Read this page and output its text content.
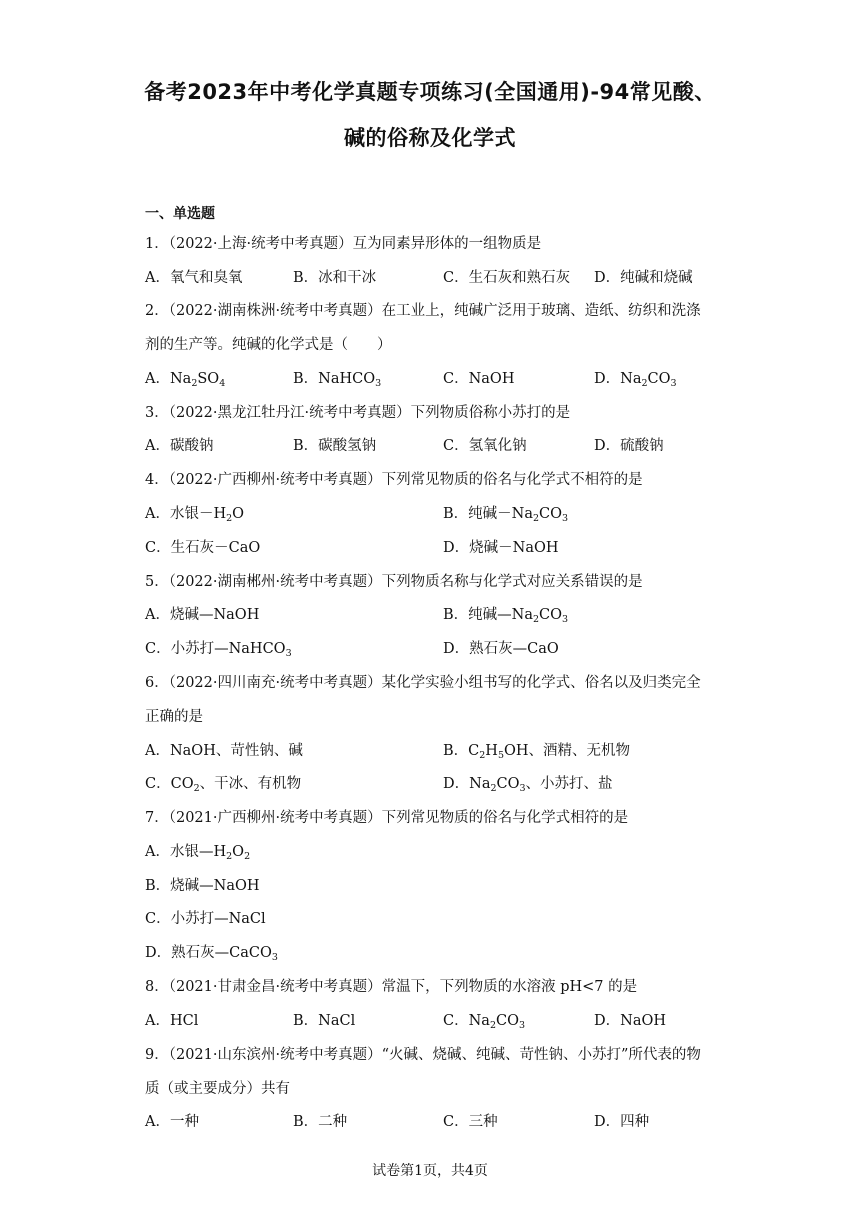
备考2023年中考化学真题专项练习(全国通用)-94常见酸、
碱的俗称及化学式
一、单选题
1．（2022·上海·统考中考真题）互为同素异形体的一组物质是
A．氧气和臭氧	B．冰和干冰	C．生石灰和熟石灰 D．纯碱和烧碱
2．（2022·湖南株洲·统考中考真题）在工业上，纯碱广泛用于玻璃、造纸、纺织和洗涤
剂的生产等。纯碱的化学式是（　　）
A．$Na_2SO_4$	B．NaHCO$_3$	C．NaOH	D．$Na_2CO_3$
3．（2022·黑龙江牡丹江·统考中考真题）下列物质俗称小苏打的是
A．碳酸钠	B．碳酸氢钠	C．氢氧化钠	D．硫酸钠
4．（2022·广西柳州·统考中考真题）下列常见物质的俗名与化学式不相符的是
A．水银$-H_2O$	B．纯碱$-Na_2CO_3$
C．生石灰－CaO	D．烧碱－NaOH
5．（2022·湖南郴州·统考中考真题）下列物质名称与化学式对应关系错误的是
A．烧碱—NaOH	B．纯碱$—Na_2CO_3$
C．小苏打—NaHCO$_3$	D．熟石灰—CaO
6．（2022·四川南充·统考中考真题）某化学实验小组书写的化学式、俗名以及归类完全
正确的是
A．NaOH、苛性钠、碱	B．$C_2H_5OH$、酒精、无机物
C．$CO_2$、干冰、有机物	D．$Na_2CO_3$、小苏打、盐
7．（2021·广西柳州·统考中考真题）下列常见物质的俗名与化学式相符的是
A．水银$—H_2O_2$
B．烧碱—NaOH
C．小苏打—NaCl
D．熟石灰—CaCO$_3$
8．（2021·甘肃金昌·统考中考真题）常温下，下列物质的水溶液 pH<7 的是
A．HCl	B．NaCl	C．$Na_2CO_3$	D．NaOH
9．（2021·山东滨州·统考中考真题）“火碱、烧碱、纯碱、苛性钠、小苏打”所代表的物
质（或主要成分）共有
A．一种	B．二种	C．三种	D．四种
试卷第1页，共4页
